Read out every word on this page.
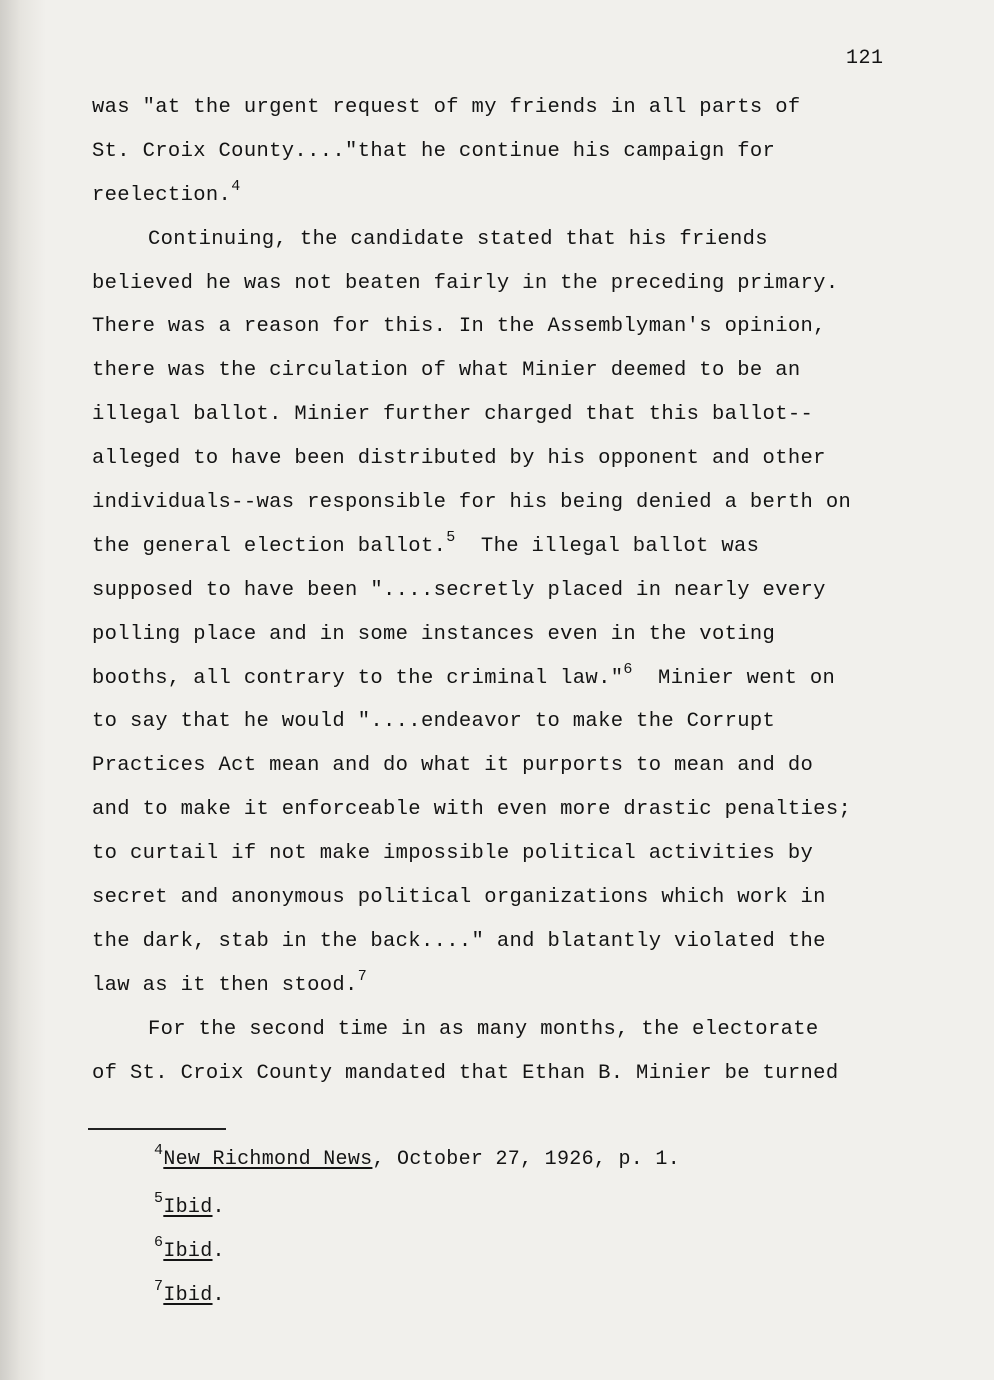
121
was "at the urgent request of my friends in all parts of
St. Croix County...."that he continue his campaign for
reelection.$^4$
Continuing, the candidate stated that his friends
believed he was not beaten fairly in the preceding primary.
There was a reason for this. In the Assemblyman's opinion,
there was the circulation of what Minier deemed to be an
illegal ballot. Minier further charged that this ballot--
alleged to have been distributed by his opponent and other
individuals--was responsible for his being denied a berth on
the general election ballot.$^5$  The illegal ballot was
supposed to have been "....secretly placed in nearly every
polling place and in some instances even in the voting
booths, all contrary to the criminal law."$^6$  Minier went on
to say that he would "....endeavor to make the Corrupt
Practices Act mean and do what it purports to mean and do
and to make it enforceable with even more drastic penalties;
to curtail if not make impossible political activities by
secret and anonymous political organizations which work in
the dark, stab in the back...." and blatantly violated the
law as it then stood.$^7$
For the second time in as many months, the electorate
of St. Croix County mandated that Ethan B. Minier be turned
$^4$New Richmond News, October 27, 1926, p. 1.
$^5$Ibid.
$^6$Ibid.
$^7$Ibid.
